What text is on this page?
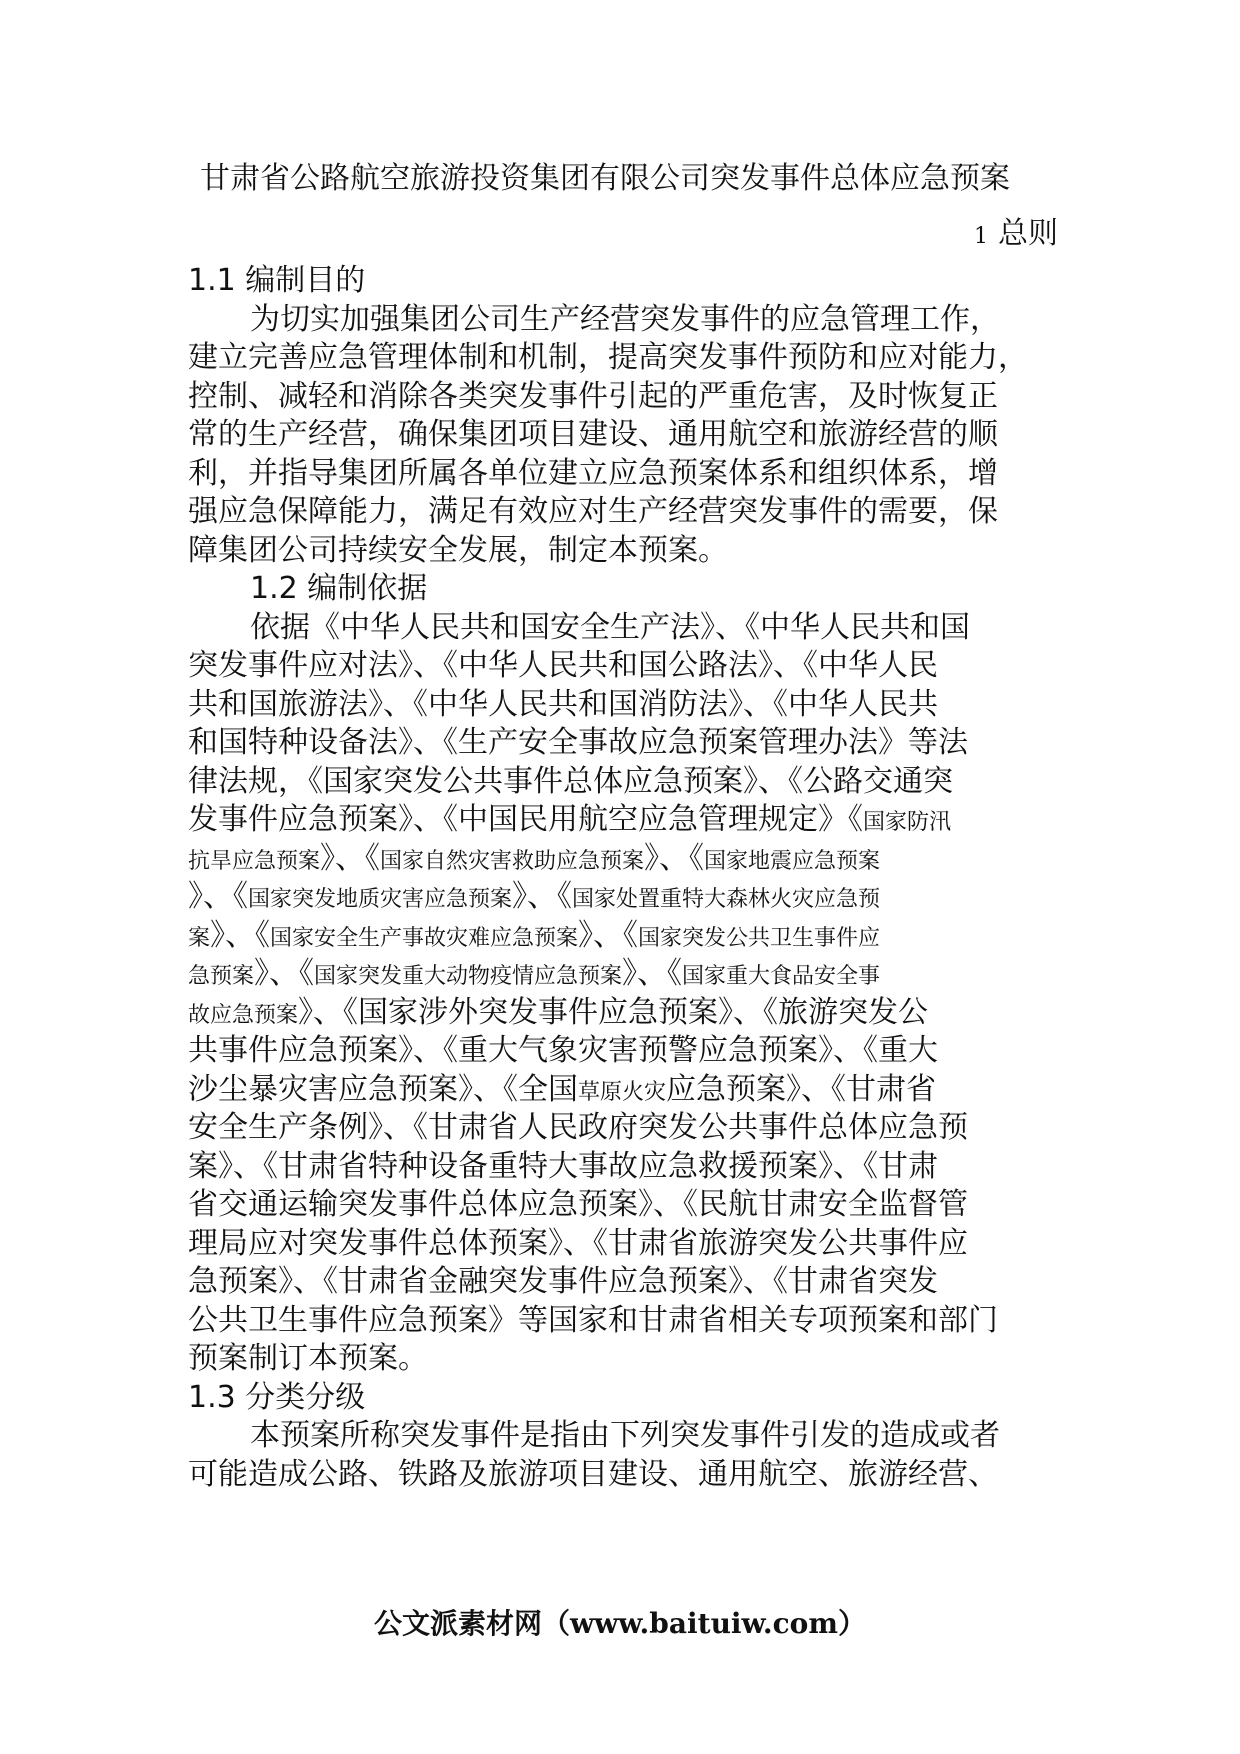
甘肃省公路航空旅游投资集团有限公司突发事件总体应急预案
1 总则
1.1 编制目的
为切实加强集团公司生产经营突发事件的应急管理工作，
建立完善应急管理体制和机制，提高突发事件预防和应对能力，
控制、减轻和消除各类突发事件引起的严重危害，及时恢复正
常的生产经营，确保集团项目建设、通用航空和旅游经营的顺
利，并指导集团所属各单位建立应急预案体系和组织体系，增
强应急保障能力，满足有效应对生产经营突发事件的需要，保
障集团公司持续安全发展，制定本预案。
1.2 编制依据
依据《中华人民共和国安全生产法》、《中华人民共和国
突发事件应对法》、《中华人民共和国公路法》、《中华人民
共和国旅游法》、《中华人民共和国消防法》、《中华人民共
和国特种设备法》、《生产安全事故应急预案管理办法》等法
律法规，《国家突发公共事件总体应急预案》、《公路交通突
发事件应急预案》、《中国民用航空应急管理规定》《国家防汛
抗旱应急预案》、《国家自然灾害救助应急预案》、《国家地震应急预案
》、《国家突发地质灾害应急预案》、《国家处置重特大森林火灾应急预
案》、《国家安全生产事故灾难应急预案》、《国家突发公共卫生事件应
急预案》、《国家突发重大动物疫情应急预案》、《国家重大食品安全事
故应急预案》、《国家涉外突发事件应急预案》、《旅游突发公
共事件应急预案》、《重大气象灾害预警应急预案》、《重大
沙尘暴灾害应急预案》、《全国草原火灾应急预案》、《甘肃省
安全生产条例》、《甘肃省人民政府突发公共事件总体应急预
案》、《甘肃省特种设备重特大事故应急救援预案》、《甘肃
省交通运输突发事件总体应急预案》、《民航甘肃安全监督管
理局应对突发事件总体预案》、《甘肃省旅游突发公共事件应
急预案》、《甘肃省金融突发事件应急预案》、《甘肃省突发
公共卫生事件应急预案》等国家和甘肃省相关专项预案和部门
预案制订本预案。
1.3 分类分级
本预案所称突发事件是指由下列突发事件引发的造成或者
可能造成公路、铁路及旅游项目建设、通用航空、旅游经营、
公文派素材网（www.baituiw.com）
